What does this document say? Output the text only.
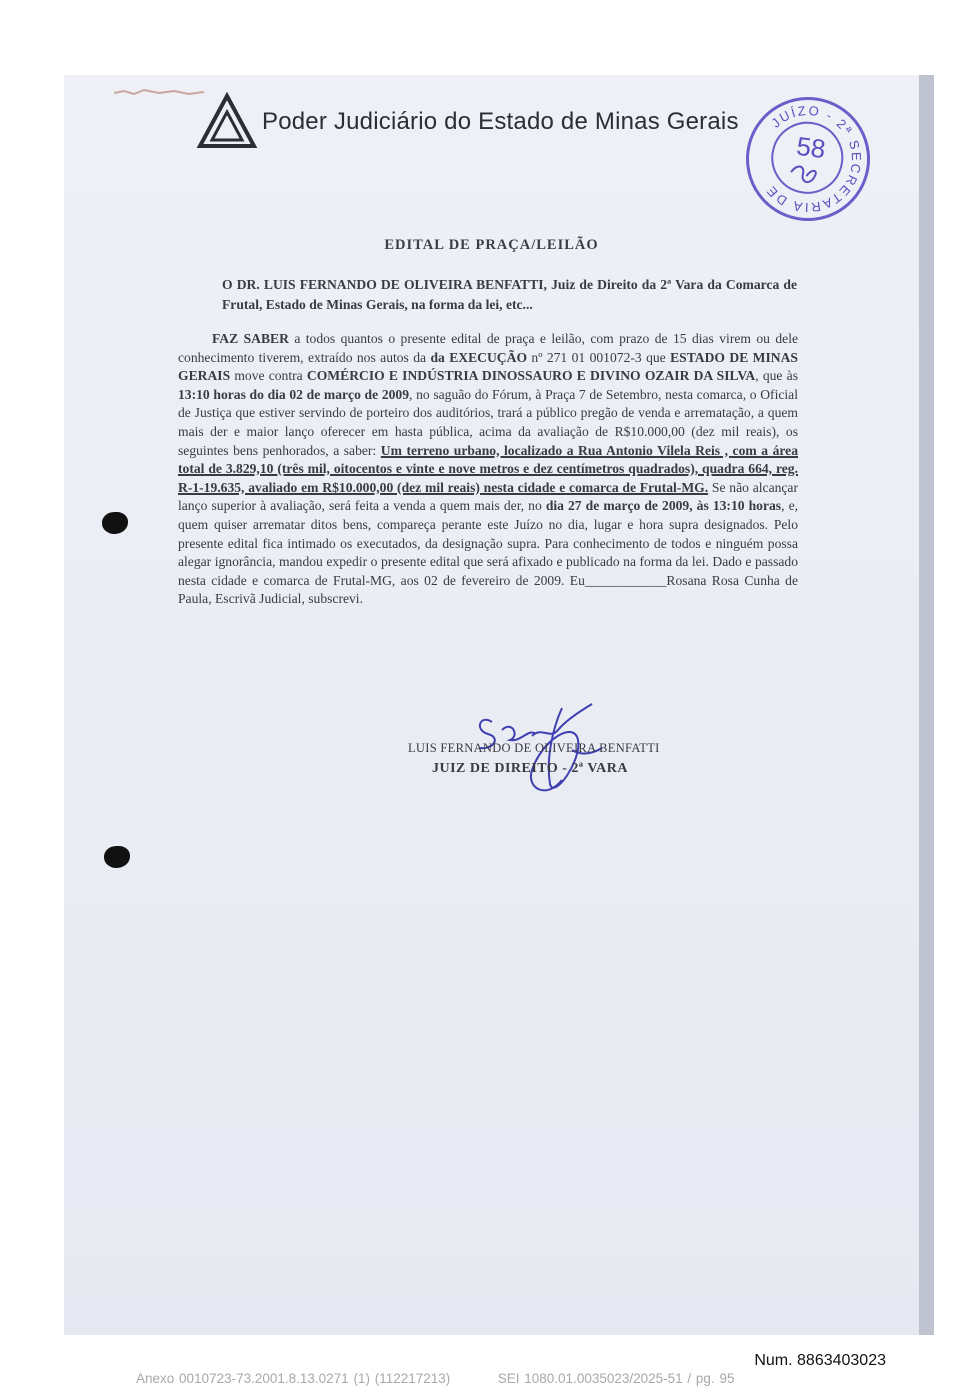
Poder Judiciário do Estado de Minas Gerais	JUÍZO - 2ª SECRETARIA DE
58
EDITAL DE PRAÇA/LEILÃO
O DR. LUIS FERNANDO DE OLIVEIRA BENFATTI, Juiz de Direito da 2ª Vara da Comarca de Frutal, Estado de Minas Gerais, na forma da lei, etc...
FAZ SABER a todos quantos o presente edital de praça e leilão, com prazo de 15 dias virem ou dele conhecimento tiverem, extraído nos autos da da EXECUÇÃO nº 271 01 001072-3 que ESTADO DE MINAS GERAIS move contra COMÉRCIO E INDÚSTRIA DINOSSAURO E DIVINO OZAIR DA SILVA, que às 13:10 horas do dia 02 de março de 2009, no saguão do Fórum, à Praça 7 de Setembro, nesta comarca, o Oficial de Justiça que estiver servindo de porteiro dos auditórios, trará a público pregão de venda e arrematação, a quem mais der e maior lanço oferecer em hasta pública, acima da avaliação de R$10.000,00 (dez mil reais), os seguintes bens penhorados, a saber: Um terreno urbano, localizado a Rua Antonio Vilela Reis , com a área total de 3.829,10 (três mil, oitocentos e vinte e nove metros e dez centímetros quadrados), quadra 664, reg. R-1-19.635, avaliado em R$10.000,00 (dez mil reais) nesta cidade e comarca de Frutal-MG. Se não alcançar lanço superior à avaliação, será feita a venda a quem mais der, no dia 27 de março de 2009, às 13:10 horas, e, quem quiser arrematar ditos bens, compareça perante este Juízo no dia, lugar e hora supra designados. Pelo presente edital fica intimado os executados, da designação supra. Para conhecimento de todos e ninguém possa alegar ignorância, mandou expedir o presente edital que será afixado e publicado na forma da lei. Dado e passado nesta cidade e comarca de Frutal-MG, aos 02 de fevereiro de 2009. Eu____________Rosana Rosa Cunha de Paula, Escrivã Judicial, subscrevi.
LUIS FERNANDO DE OLIVEIRA BENFATTI
JUIZ DE DIREITO - 2ª VARA
Num. 8863403023
Anexo 0010723-73.2001.8.13.0271 (1) (112217213)          SEI 1080.01.0035023/2025-51 / pg. 95
